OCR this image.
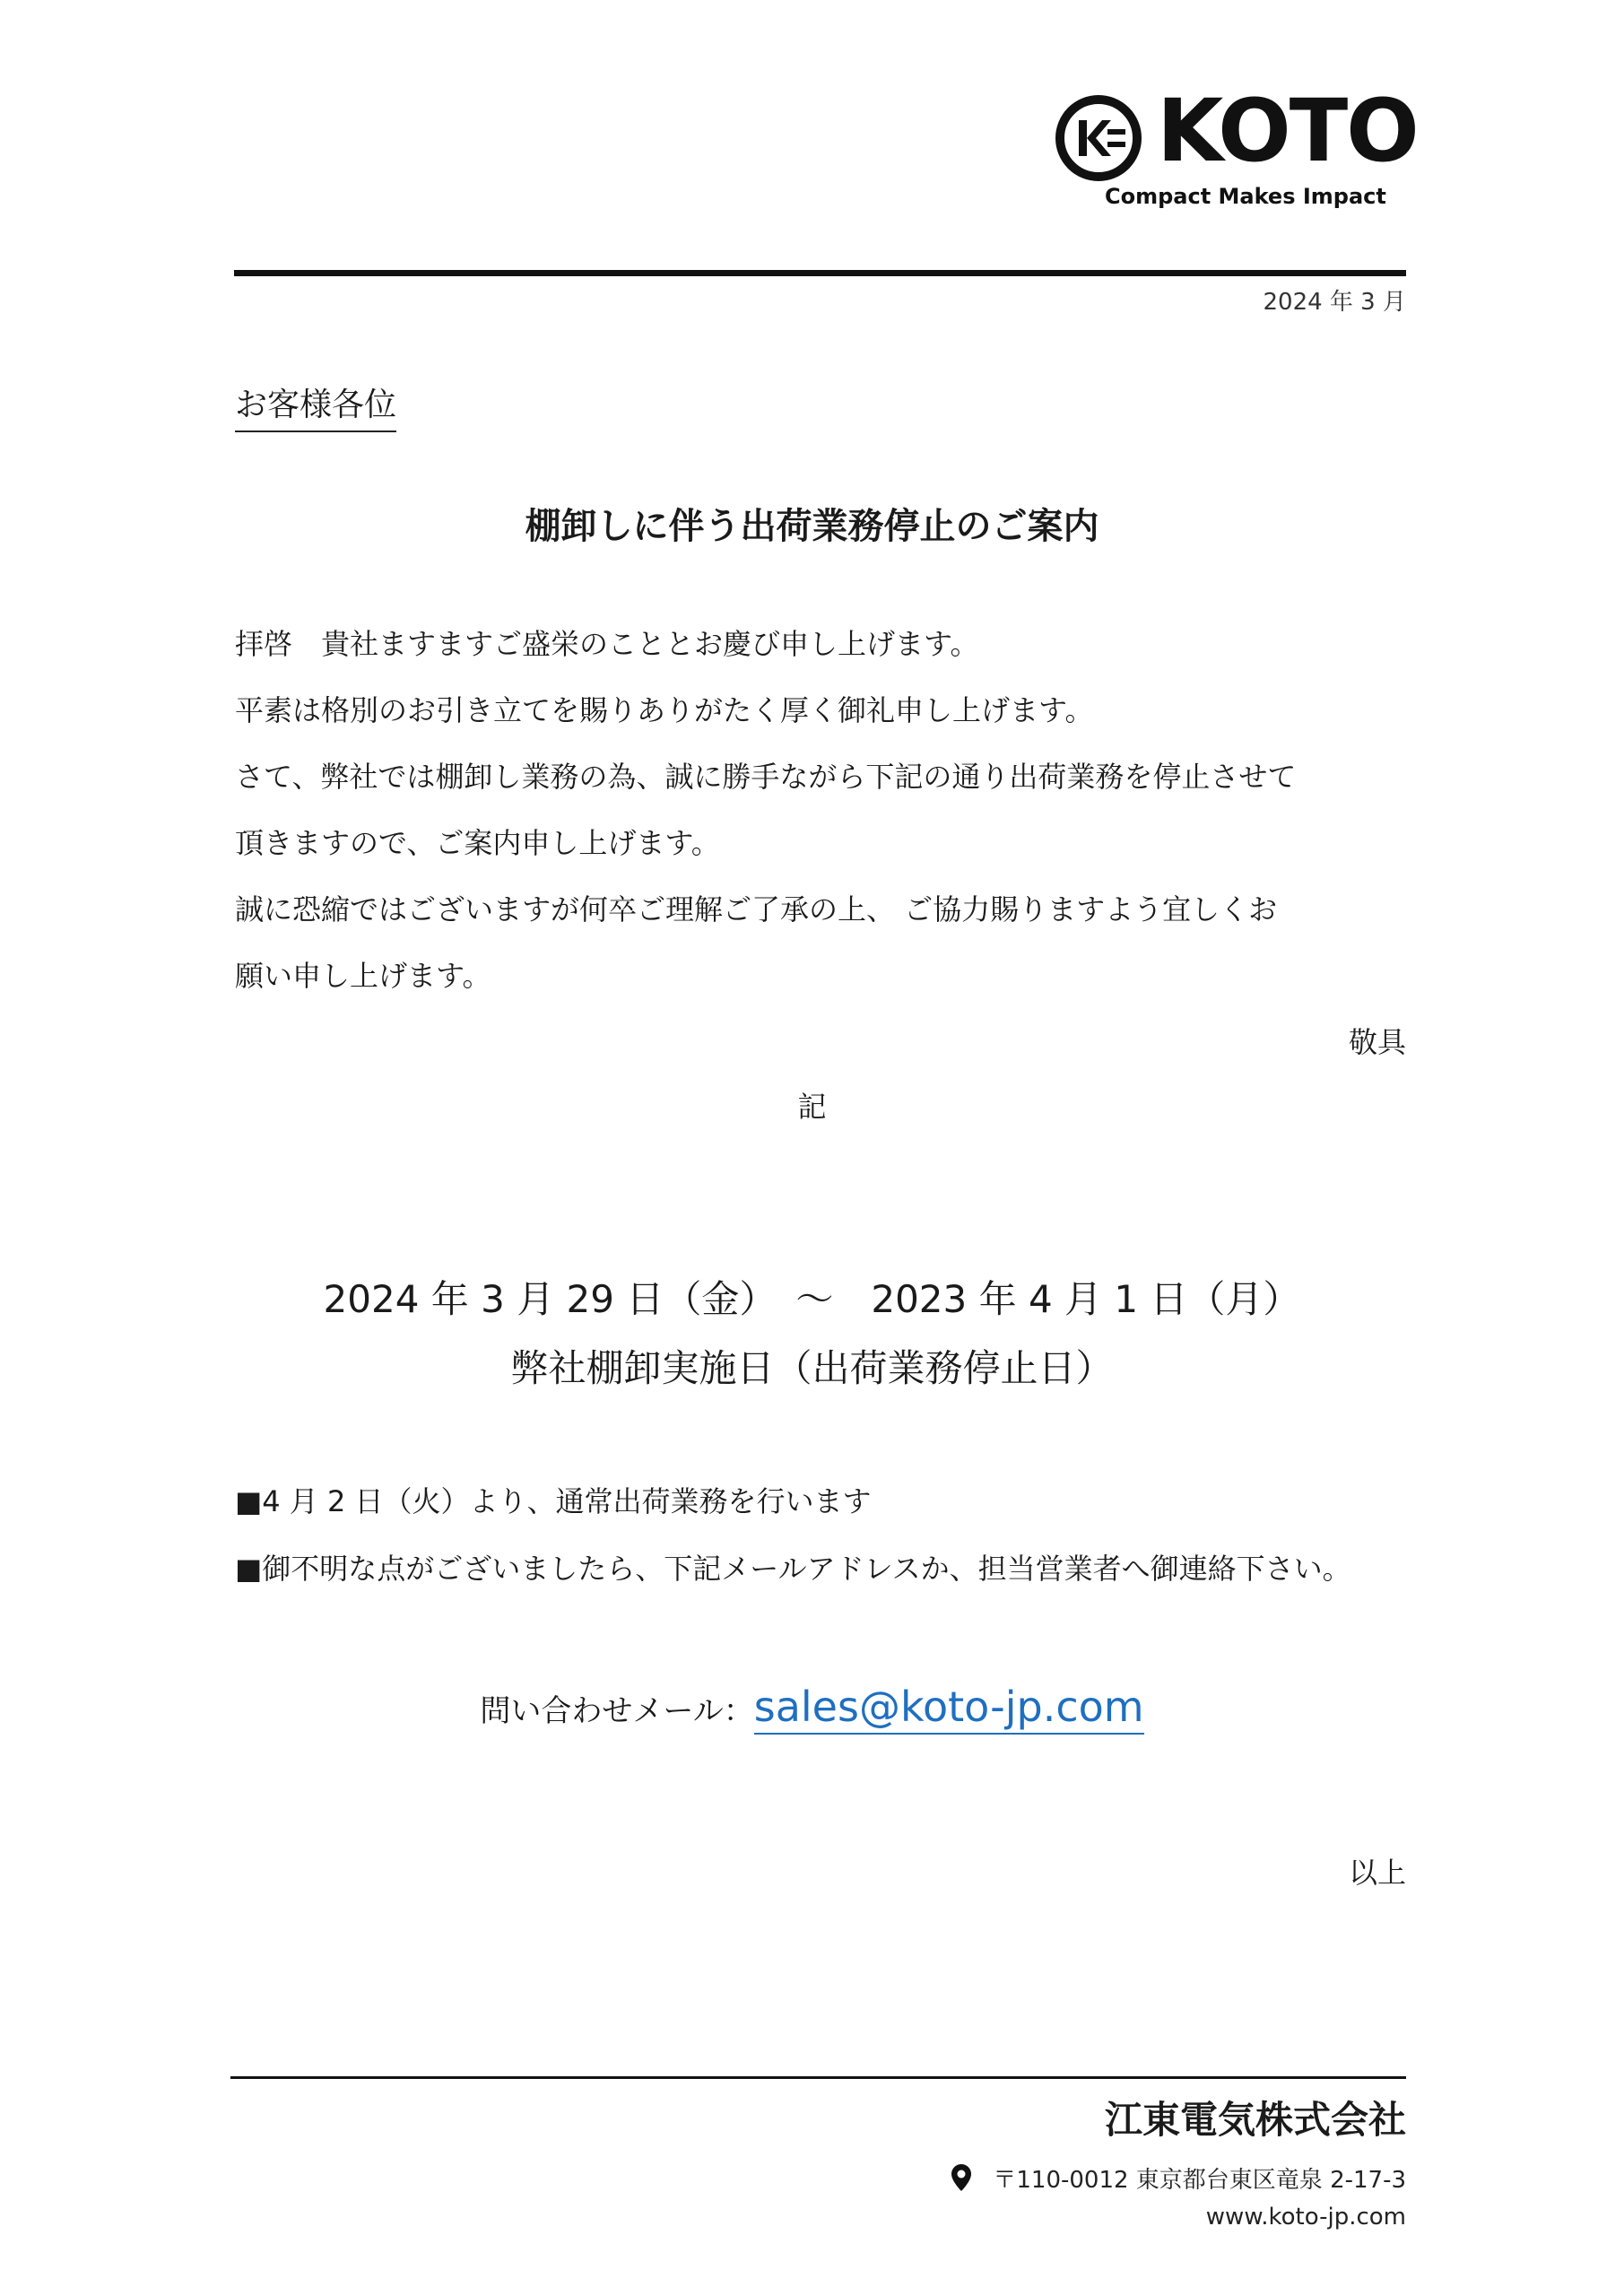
KOTO
Compact Makes Impact
2024 年 3 月
お客様各位
棚卸しに伴う出荷業務停止のご案内
拝啓　貴社ますますご盛栄のこととお慶び申し上げます。
平素は格別のお引き立てを賜りありがたく厚く御礼申し上げます。
さて、弊社では棚卸し業務の為、誠に勝手ながら下記の通り出荷業務を停止させて
頂きますので、ご案内申し上げます。
誠に恐縮ではございますが何卒ご理解ご了承の上、 ご協力賜りますよう宜しくお
願い申し上げます。
敬具
記
2024 年 3 月 29 日（金）　～　2023 年 4 月 1 日（月）
弊社棚卸実施日（出荷業務停止日）
■4 月 2 日（火）より、通常出荷業務を行います
■御不明な点がございましたら、下記メールアドレスか、担当営業者へ御連絡下さい。
問い合わせメール：sales@koto-jp.com
以上
江東電気株式会社
〒110-0012 東京都台東区竜泉 2-17-3
www.koto-jp.com
